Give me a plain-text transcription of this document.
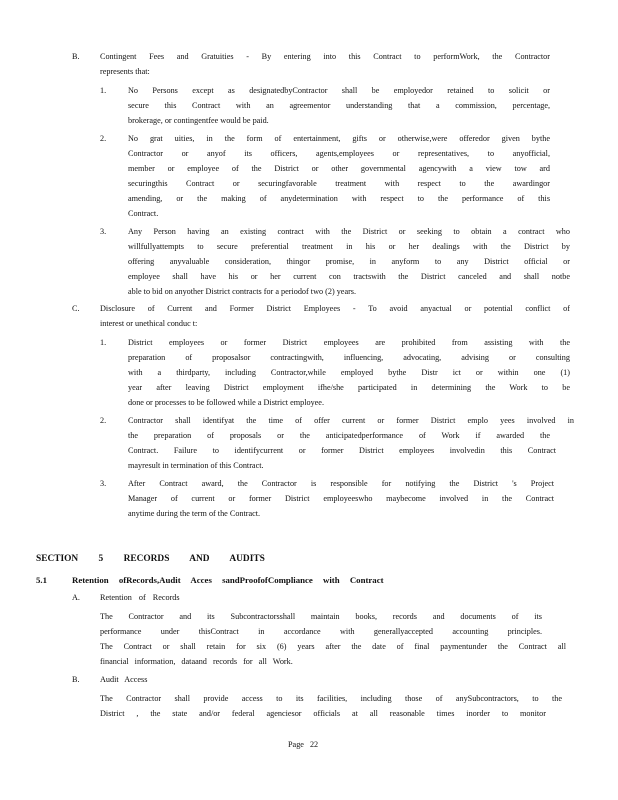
B. Contingent Fees and Gratuities - By entering into this Contract to performWork, the Contractor
represents that:
1.	No Persons except as designatedbyContractor shall be employedor retained to solicit or
secure this Contract with an agreementor understanding that a commission, percentage,
brokerage, or contingentfee would be paid.
2.	No grat uities, in the form of entertainment, gifts or otherwise,were offeredor given bythe
Contractor or anyof its officers, agents,employees or representatives, to anyofficial,
member or employee of the District or other governmental agencywith a view tow ard
securingthis Contract or securingfavorable treatment with respect to the awardingor
amending, or the making of anydetermination with respect to the performance of this
Contract.
3.	Any Person having an existing contract with the District or seeking to obtain a contract who
willfullyattempts to secure preferential treatment in his or her dealings with the District by
offering anyvaluable consideration, thingor promise, in anyform to any District official or
employee shall have his or her current con tractswith the District canceled and shall notbe
able to bid on anyother District contracts for a periodof two (2) years.
C. Disclosure of Current and Former District Employees - To avoid anyactual or potential conflict of
interest or unethical conduc t:
1.	District employees or former District employees are prohibited from assisting with the
preparation of proposalsor contractingwith, influencing, advocating, advising or consulting
with a thirdparty, including Contractor,while employed bythe Distr ict or within one (1)
year after leaving District employment ifhe/she participated in determining the Work to be
done or processes to be followed while a District employee.
2.	Contractor shall identifyat the time of offer current or former District emplo yees involved in
the preparation of proposals or the anticipatedperformance of Work if awarded the
Contract. Failure to identifycurrent or former District employees involvedin this Contract
mayresult in termination of this Contract.
3.	After Contract award, the Contractor is responsible for notifying the District 's Project
Manager of current or former District employeeswho maybecome involved in the Contract
anytime during the term of the Contract.
SECTION 5 RECORDS AND AUDITS
5.1	Retention ofRecords,Audit Acces sandProofofCompliance with Contract
A. Retention of Records
The Contractor and its Subcontractorsshall maintain books, records and documents of its
performance under thisContract in accordance with generallyaccepted accounting principles.
The Contract or shall retain for six (6) years after the date of final paymentunder the Contract all
financial information, dataand records for all Work.
B. Audit Access
The Contractor shall provide access to its facilities, including those of anySubcontractors, to the
District , the state and/or federal agenciesor officials at all reasonable times inorder to monitor
Page 22
